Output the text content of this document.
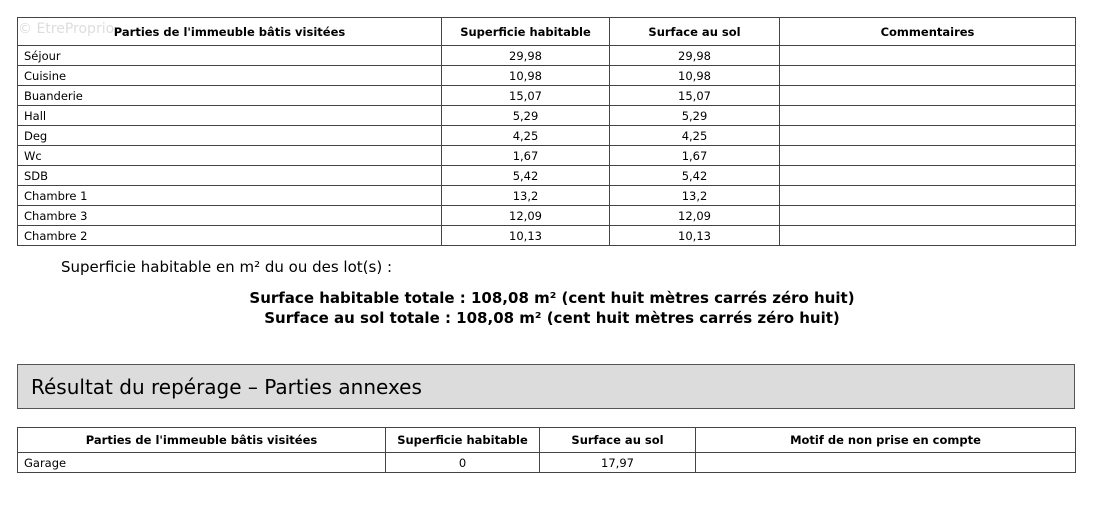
© EtreProprio Parties de l'immeuble bâtis visitées	Superficie habitable	Surface au sol	Commentaires
Séjour	29,98	29,98	
Cuisine	10,98	10,98	
Buanderie	15,07	15,07	
Hall	5,29	5,29	
Deg	4,25	4,25	
Wc	1,67	1,67	
SDB	5,42	5,42	
Chambre 1	13,2	13,2	
Chambre 3	12,09	12,09	
Chambre 2	10,13	10,13	
Superficie habitable en m² du ou des lot(s) :
Surface habitable totale : 108,08 m² (cent huit mètres carrés zéro huit)
Surface au sol totale : 108,08 m² (cent huit mètres carrés zéro huit)
Résultat du repérage – Parties annexes
Parties de l'immeuble bâtis visitées	Superficie habitable	Surface au sol	Motif de non prise en compte
Garage	0	17,97	
